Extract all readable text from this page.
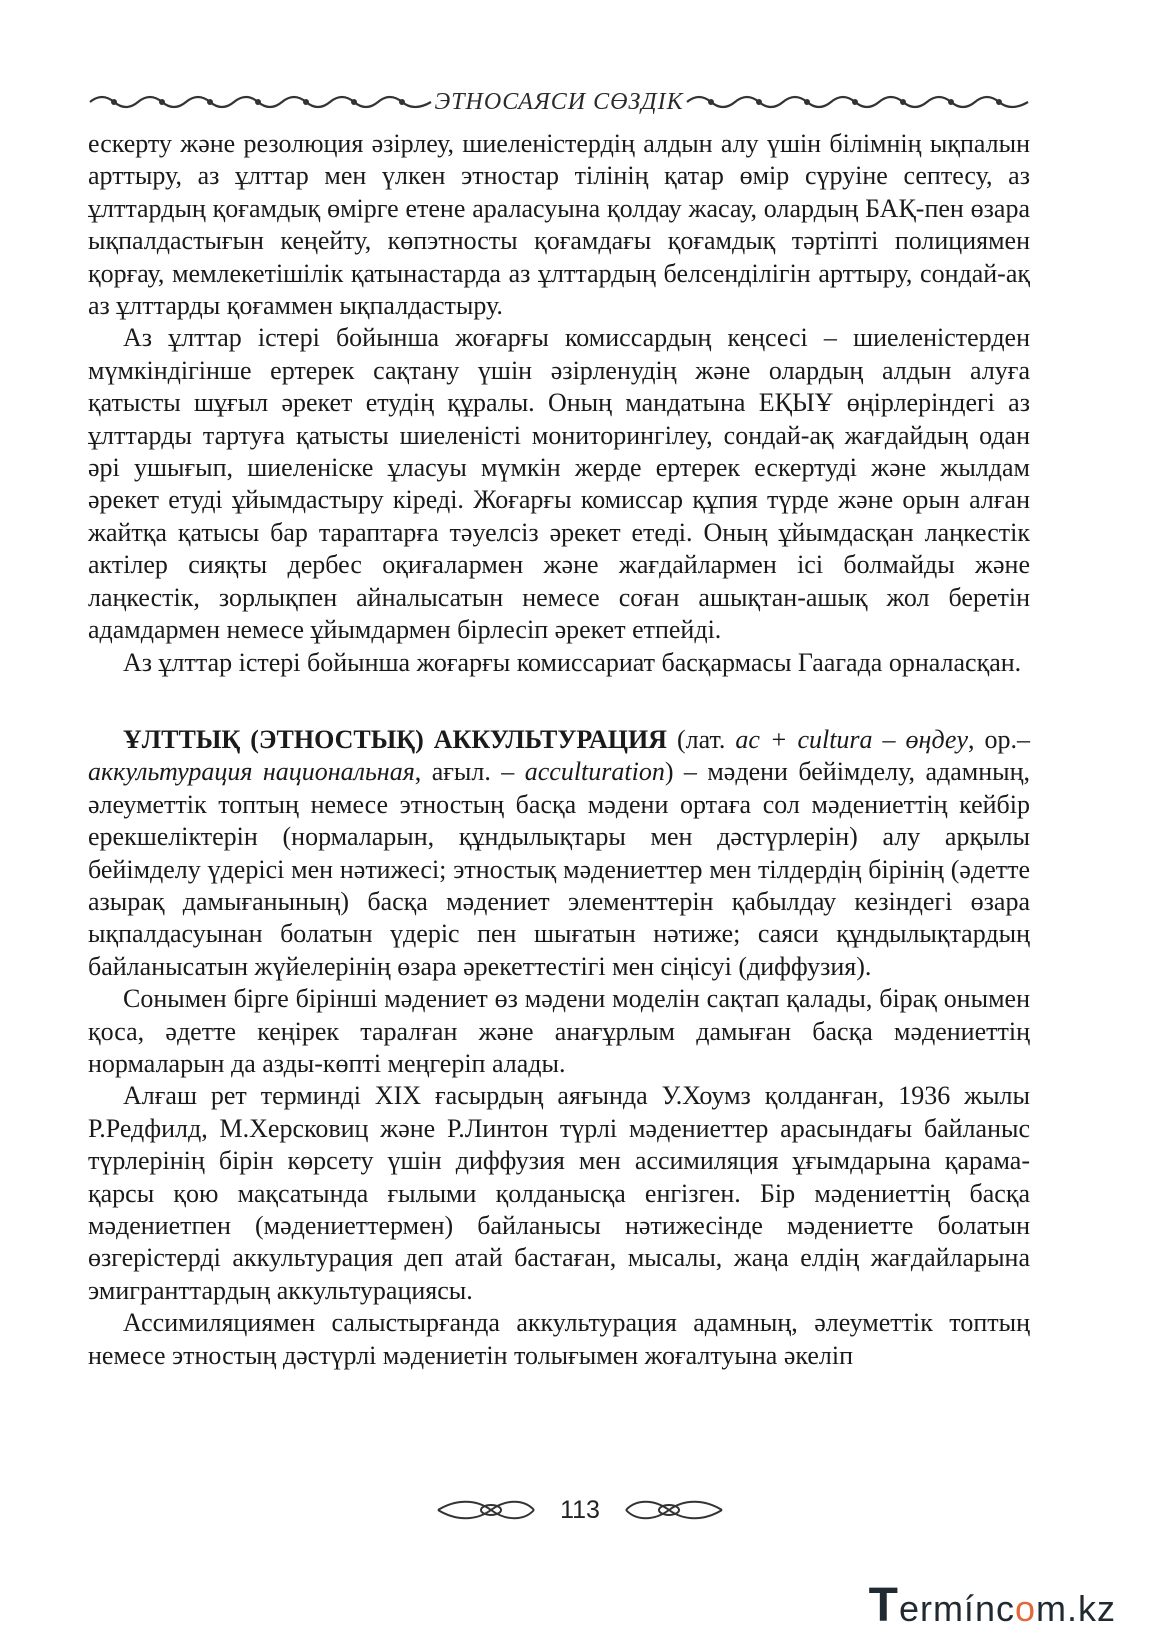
ЭТНОСАЯСИ СӨЗДІК

ескерту және резолюция әзірлеу, шиеленістердің алдын алу үшін білімнің ықпалын арттыру, аз ұлттар мен үлкен этностар тілінің қатар өмір сүруіне септесу, аз ұлттардың қоғамдық өмірге етене араласуына қолдау жасау, олардың БАҚ-пен өзара ықпалдастығын кеңейту, көпэтносты қоғамдағы қоғамдық тәртіпті полициямен қорғау, мемлекетішілік қатынастарда аз ұлттардың белсенділігін арттыру, сондай-ақ аз ұлттарды қоғаммен ықпалдастыру.

Аз ұлттар істері бойынша жоғарғы комиссардың кеңсесі – шиеленістерден мүмкіндігінше ертерек сақтану үшін әзірленудің және олардың алдын алуға қатысты шұғыл әрекет етудің құралы. Оның мандатына ЕҚЫҰ өңірлеріндегі аз ұлттарды тартуға қатысты шиеленісті мониторингілеу, сондай-ақ жағдайдың одан әрі ушығып, шиеленіске ұласуы мүмкін жерде ертерек ескертуді және жылдам әрекет етуді ұйымдастыру кіреді. Жоғарғы комиссар құпия түрде және орын алған жайтқа қатысы бар тараптарға тәуелсіз әрекет етеді. Оның ұйымдасқан лаңкестік актілер сияқты дербес оқиғалармен және жағдайлармен ісі болмайды және лаңкестік, зорлықпен айналысатын немесе соған ашықтан-ашық жол беретін адамдармен немесе ұйымдармен бірлесіп әрекет етпейді.

Аз ұлттар істері бойынша жоғарғы комиссариат басқармасы Гаагада орналасқан.

ҰЛТТЫҚ (ЭТНОСТЫҚ) АККУЛЬТУРАЦИЯ (лат. ac + cultura – өңдеу, ор.– аккультурация национальная, ағыл. – acculturation) – мәдени бейімделу, адамның, әлеуметтік топтың немесе этностың басқа мәдени ортаға сол мәдениеттің кейбір ерекшеліктерін (нормаларын, құндылықтары мен дәстүрлерін) алу арқылы бейімделу үдерісі мен нәтижесі; этностық мәдениеттер мен тілдердің бірінің (әдетте азырақ дамығанының) басқа мәдениет элементтерін қабылдау кезіндегі өзара ықпалдасуынан болатын үдеріс пен шығатын нәтиже; саяси құндылықтардың байланысатын жүйелерінің өзара әрекеттестігі мен сіңісуі (диффузия).

Сонымен бірге бірінші мәдениет өз мәдени моделін сақтап қалады, бірақ онымен қоса, әдетте кеңірек таралған және анағұрлым дамыған басқа мәдениеттің нормаларын да азды-көпті меңгеріп алады.

Алғаш рет терминді XIX ғасырдың аяғында У.Хоумз қолданған, 1936 жылы Р.Редфилд, М.Херсковиц және Р.Линтон түрлі мәдениеттер арасындағы байланыс түрлерінің бірін көрсету үшін диффузия мен ассимиляция ұғымдарына қарама-қарсы қою мақсатында ғылыми қолданысқа енгізген. Бір мәдениеттің басқа мәдениетпен (мәдениеттермен) байланысы нәтижесінде мәдениетте болатын өзгерістерді аккультурация деп атай бастаған, мысалы, жаңа елдің жағдайларына эмигранттардың аккультурациясы.

Ассимиляциямен салыстырғанда аккультурация адамның, әлеуметтік топтың немесе этностың дәстүрлі мәдениетін толығымен жоғалтуына әкеліп

113
Termíncom.kz
